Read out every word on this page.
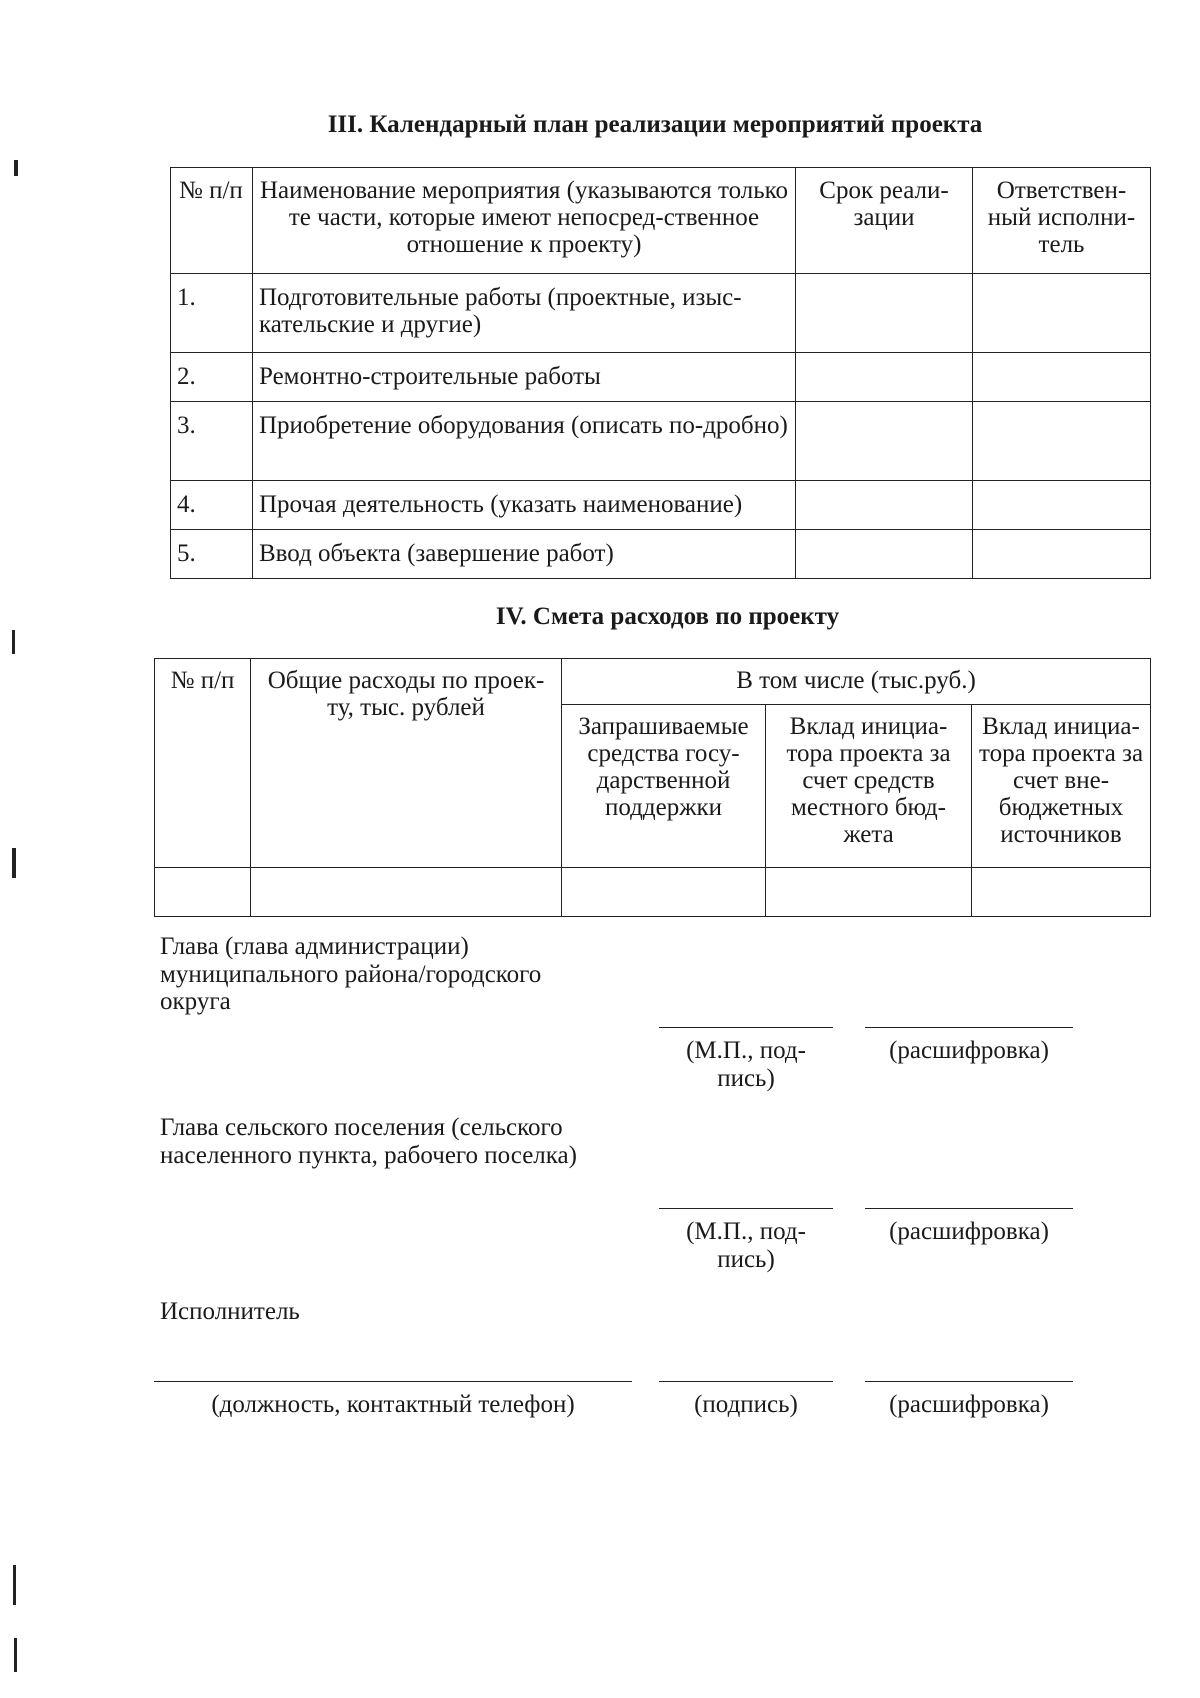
III. Календарный план реализации мероприятий проекта
№ п/п	Наименование мероприятия (указываются только те части, которые имеют непосред-ственное отношение к проекту)	Срок реали-зации	Ответствен-ный исполни-тель
1.	Подготовительные работы (проектные, изыс-кательские и другие)		
2.	Ремонтно-строительные работы		
3.	Приобретение оборудования (описать по-дробно)		
4.	Прочая деятельность (указать наименование)		
5.	Ввод объекта (завершение работ)		
IV. Смета расходов по проекту
№ п/п	Общие расходы по проек-ту, тыс. рублей	В том числе (тыс.руб.)		
		Запрашиваемые средства госу-дарственной поддержки	Вклад инициа-тора проекта за счет средств местного бюд-жета	Вклад инициа-тора проекта за счет вне-бюджетных источников

Глава (глава администрации) муниципального района/городского округа
(М.П., под-пись)
(расшифровка)
Глава сельского поселения (сельского населенного пункта, рабочего поселка)
(М.П., под-пись)
(расшифровка)
Исполнитель
(должность, контактный телефон)	(подпись)	(расшифровка)
